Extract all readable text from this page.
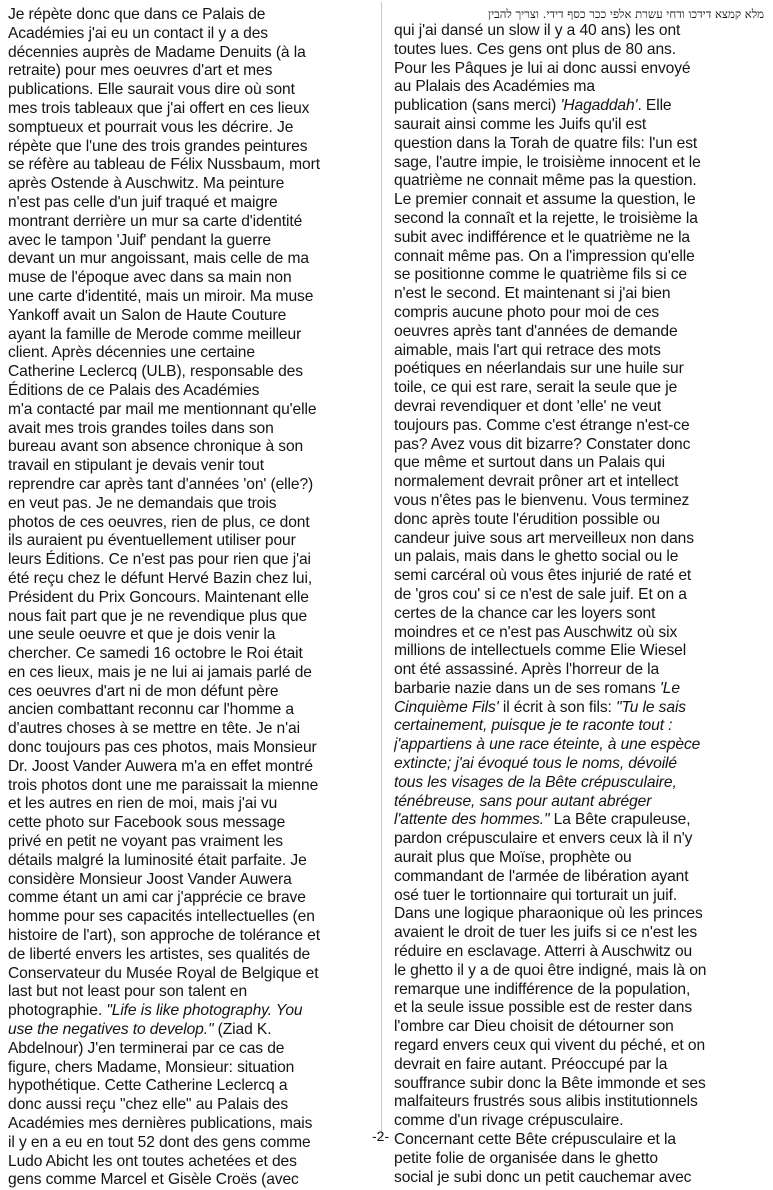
Je répète donc que dans ce Palais de
Académies j'ai eu un contact il y a des
décennies auprès de Madame Denuits (à la
retraite) pour mes oeuvres d'art et mes
publications. Elle saurait vous dire où sont
mes trois tableaux que j'ai offert en ces lieux
somptueux et pourrait vous les décrire. Je
répète que l'une des trois grandes peintures
se réfère au tableau de Félix Nussbaum, mort
après Ostende à Auschwitz. Ma peinture
n'est pas celle d'un juif traqué et maigre
montrant derrière un mur sa carte d'identité
avec le tampon 'Juif' pendant la guerre
devant un mur angoissant, mais celle de ma
muse de l'époque avec dans sa main non
une carte d'identité, mais un miroir. Ma muse
Yankoff avait un Salon de Haute Couture
ayant la famille de Merode comme meilleur
client. Après décennies une certaine
Catherine Leclercq (ULB), responsable des
Éditions de ce Palais des Académies
m'a contacté par mail me mentionnant qu'elle
avait mes trois grandes toiles dans son
bureau avant son absence chronique à son
travail en stipulant je devais venir tout
reprendre car après tant d'années 'on' (elle?)
en veut pas. Je ne demandais que trois
photos de ces oeuvres, rien de plus, ce dont
ils auraient pu éventuellement utiliser pour
leurs Éditions. Ce n'est pas pour rien que j'ai
été reçu chez le défunt Hervé Bazin chez lui,
Président du Prix Goncours. Maintenant elle
nous fait part que je ne revendique plus que
une seule oeuvre et que je dois venir la
chercher. Ce samedi 16 octobre le Roi était
en ces lieux, mais je ne lui ai jamais parlé de
ces oeuvres d'art ni de mon défunt père
ancien combattant reconnu car l'homme a
d'autres choses à se mettre en tête. Je n'ai
donc toujours pas ces photos, mais Monsieur
Dr. Joost Vander Auwera m'a en effet montré
trois photos dont une me paraissait la mienne
et les autres en rien de moi, mais j'ai vu
cette photo sur Facebook sous message
privé en petit ne voyant pas vraiment les
détails malgré la luminosité était parfaite. Je
considère Monsieur Joost Vander Auwera
comme étant un ami car j'apprécie ce brave
homme pour ses capacités intellectuelles (en
histoire de l'art), son approche de tolérance et
de liberté envers les artistes, ses qualités de
Conservateur du Musée Royal de Belgique et
last but not least pour son talent en
photographie. "Life is like photography. You
use the negatives to develop." (Ziad K.
Abdelnour) J'en terminerai par ce cas de
figure, chers Madame, Monsieur: situation
hypothétique. Cette Catherine Leclercq a
donc aussi reçu "chez elle" au Palais des
Académies mes dernières publications, mais
il y en a eu en tout 52 dont des gens comme
Ludo Abicht les ont toutes achetées et des
gens comme Marcel et Gisèle Croës (avec
מלא קמצא דידכו ודחי עשרת אלפי ככר כסף דידי. וצריך להבין
qui j'ai dansé un slow il y a 40 ans) les ont
toutes lues. Ces gens ont plus de 80 ans.
Pour les Pâques je lui ai donc aussi envoyé
au Plalais des Académies ma
publication (sans merci) 'Hagaddah'. Elle
saurait ainsi comme les Juifs qu'il est
question dans la Torah de quatre fils: l'un est
sage, l'autre impie, le troisième innocent et le
quatrième ne connait même pas la question.
Le premier connait et assume la question, le
second la connaît et la rejette, le troisième la
subit avec indifférence et le quatrième ne la
connait même pas. On a l'impression qu'elle
se positionne comme le quatrième fils si ce
n'est le second. Et maintenant si j'ai bien
compris aucune photo pour moi de ces
oeuvres après tant d'années de demande
aimable, mais l'art qui retrace des mots
poétiques en néerlandais sur une huile sur
toile, ce qui est rare, serait la seule que je
devrai revendiquer et dont 'elle' ne veut
toujours pas. Comme c'est étrange n'est-ce
pas? Avez vous dit bizarre? Constater donc
que même et surtout dans un Palais qui
normalement devrait prôner art et intellect
vous n'êtes pas le bienvenu. Vous terminez
donc après toute l'érudition possible ou
candeur juive sous art merveilleux non dans
un palais, mais dans le ghetto social ou le
semi carcéral où vous êtes injurié de raté et
de 'gros cou' si ce n'est de sale juif. Et on a
certes de la chance car les loyers sont
moindres et ce n'est pas Auschwitz où six
millions de intellectuels comme Elie Wiesel
ont été assassiné. Après l'horreur de la
barbarie nazie dans un de ses romans 'Le
Cinquième Fils' il écrit à son fils: "Tu le sais
certainement, puisque je te raconte tout :
j'appartiens à une race éteinte, à une espèce
extincte; j'ai évoqué tous le noms, dévoilé
tous les visages de la Bête crépusculaire,
ténébreuse, sans pour autant abréger
l'attente des hommes." La Bête crapuleuse,
pardon crépusculaire et envers ceux là il n'y
aurait plus que Moïse, prophète ou
commandant de l'armée de libération ayant
osé tuer le tortionnaire qui torturait un juif.
Dans une logique pharaonique où les princes
avaient le droit de tuer les juifs si ce n'est les
réduire en esclavage. Atterri à Auschwitz ou
le ghetto il y a de quoi être indigné, mais là on
remarque une indifférence de la population,
et la seule issue possible est de rester dans
l'ombre car Dieu choisit de détourner son
regard envers ceux qui vivent du péché, et on
devrait en faire autant. Préoccupé par la
souffrance subir donc la Bête immonde et ses
malfaiteurs frustrés sous alibis institutionnels
comme d'un rivage crépusculaire.
Concernant cette Bête crépusculaire et la
petite folie de organisée dans le ghetto
social je subi donc un petit cauchemar avec
-2-
